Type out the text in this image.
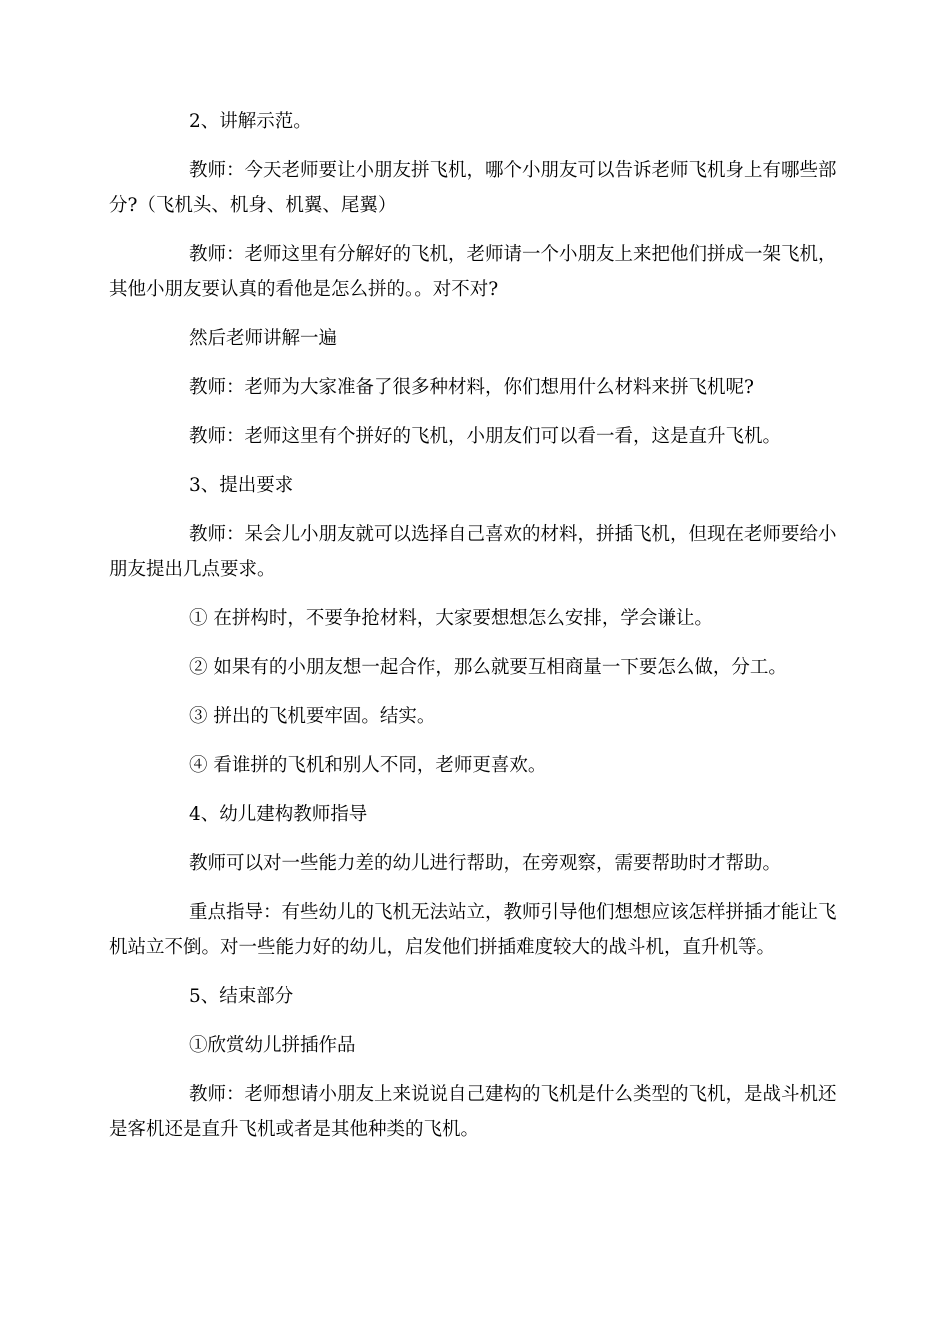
2、讲解示范。

教师：今天老师要让小朋友拼飞机，哪个小朋友可以告诉老师飞机身上有哪些部分?（飞机头、机身、机翼、尾翼）

教师：老师这里有分解好的飞机，老师请一个小朋友上来把他们拼成一架飞机，其他小朋友要认真的看他是怎么拼的。。对不对?

然后老师讲解一遍

教师：老师为大家准备了很多种材料，你们想用什么材料来拼飞机呢?

教师：老师这里有个拼好的飞机，小朋友们可以看一看，这是直升飞机。

3、提出要求

教师：呆会儿小朋友就可以选择自己喜欢的材料，拼插飞机，但现在老师要给小朋友提出几点要求。

① 在拼构时，不要争抢材料，大家要想想怎么安排，学会谦让。

② 如果有的小朋友想一起合作，那么就要互相商量一下要怎么做，分工。

③ 拼出的飞机要牢固。结实。

④ 看谁拼的飞机和别人不同，老师更喜欢。

4、幼儿建构教师指导

教师可以对一些能力差的幼儿进行帮助，在旁观察，需要帮助时才帮助。

重点指导：有些幼儿的飞机无法站立，教师引导他们想想应该怎样拼插才能让飞机站立不倒。对一些能力好的幼儿，启发他们拼插难度较大的战斗机，直升机等。

5、结束部分

①欣赏幼儿拼插作品

教师：老师想请小朋友上来说说自己建构的飞机是什么类型的飞机，是战斗机还是客机还是直升飞机或者是其他种类的飞机。
